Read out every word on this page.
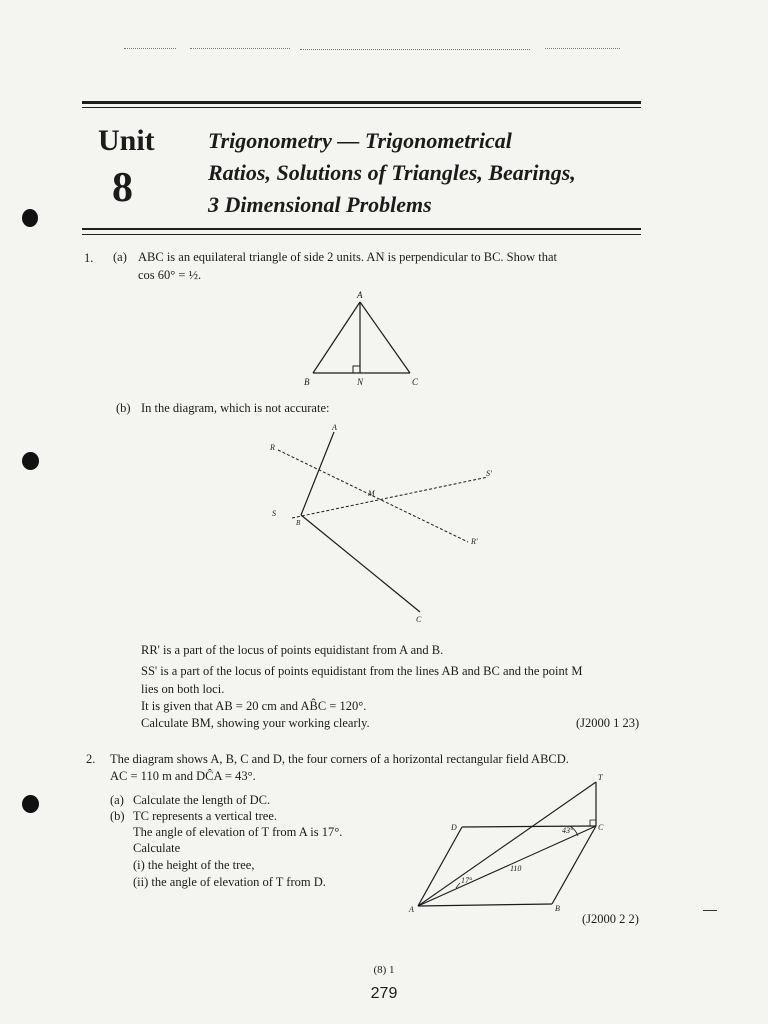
Unit
8
Trigonometry — Trigonometrical
Ratios, Solutions of Triangles, Bearings,
3 Dimensional Problems
1. (a) ABC is an equilateral triangle of side 2 units. AN is perpendicular to BC. Show that
cos 60° = ½.
A
B	N	C
(b) In the diagram, which is not accurate:
A
R
S
M
S'
R'
B
C
RR' is a part of the locus of points equidistant from A and B.
SS' is a part of the locus of points equidistant from the lines AB and BC and the point M
lies on both loci.
It is given that AB = 20 cm and AB̂C = 120°.
Calculate BM, showing your working clearly.	(J2000 1 23)
2. The diagram shows A, B, C and D, the four corners of a horizontal rectangular field ABCD.
AC = 110 m and DĈA = 43°.
(a) Calculate the length of DC.
(b) TC represents a vertical tree.
The angle of elevation of T from A is 17°.
Calculate
(i) the height of the tree,
(ii) the angle of elevation of T from D.
T
D	C
A	B
43°
17°
110
(J2000 2 2)
(8) 1
279
